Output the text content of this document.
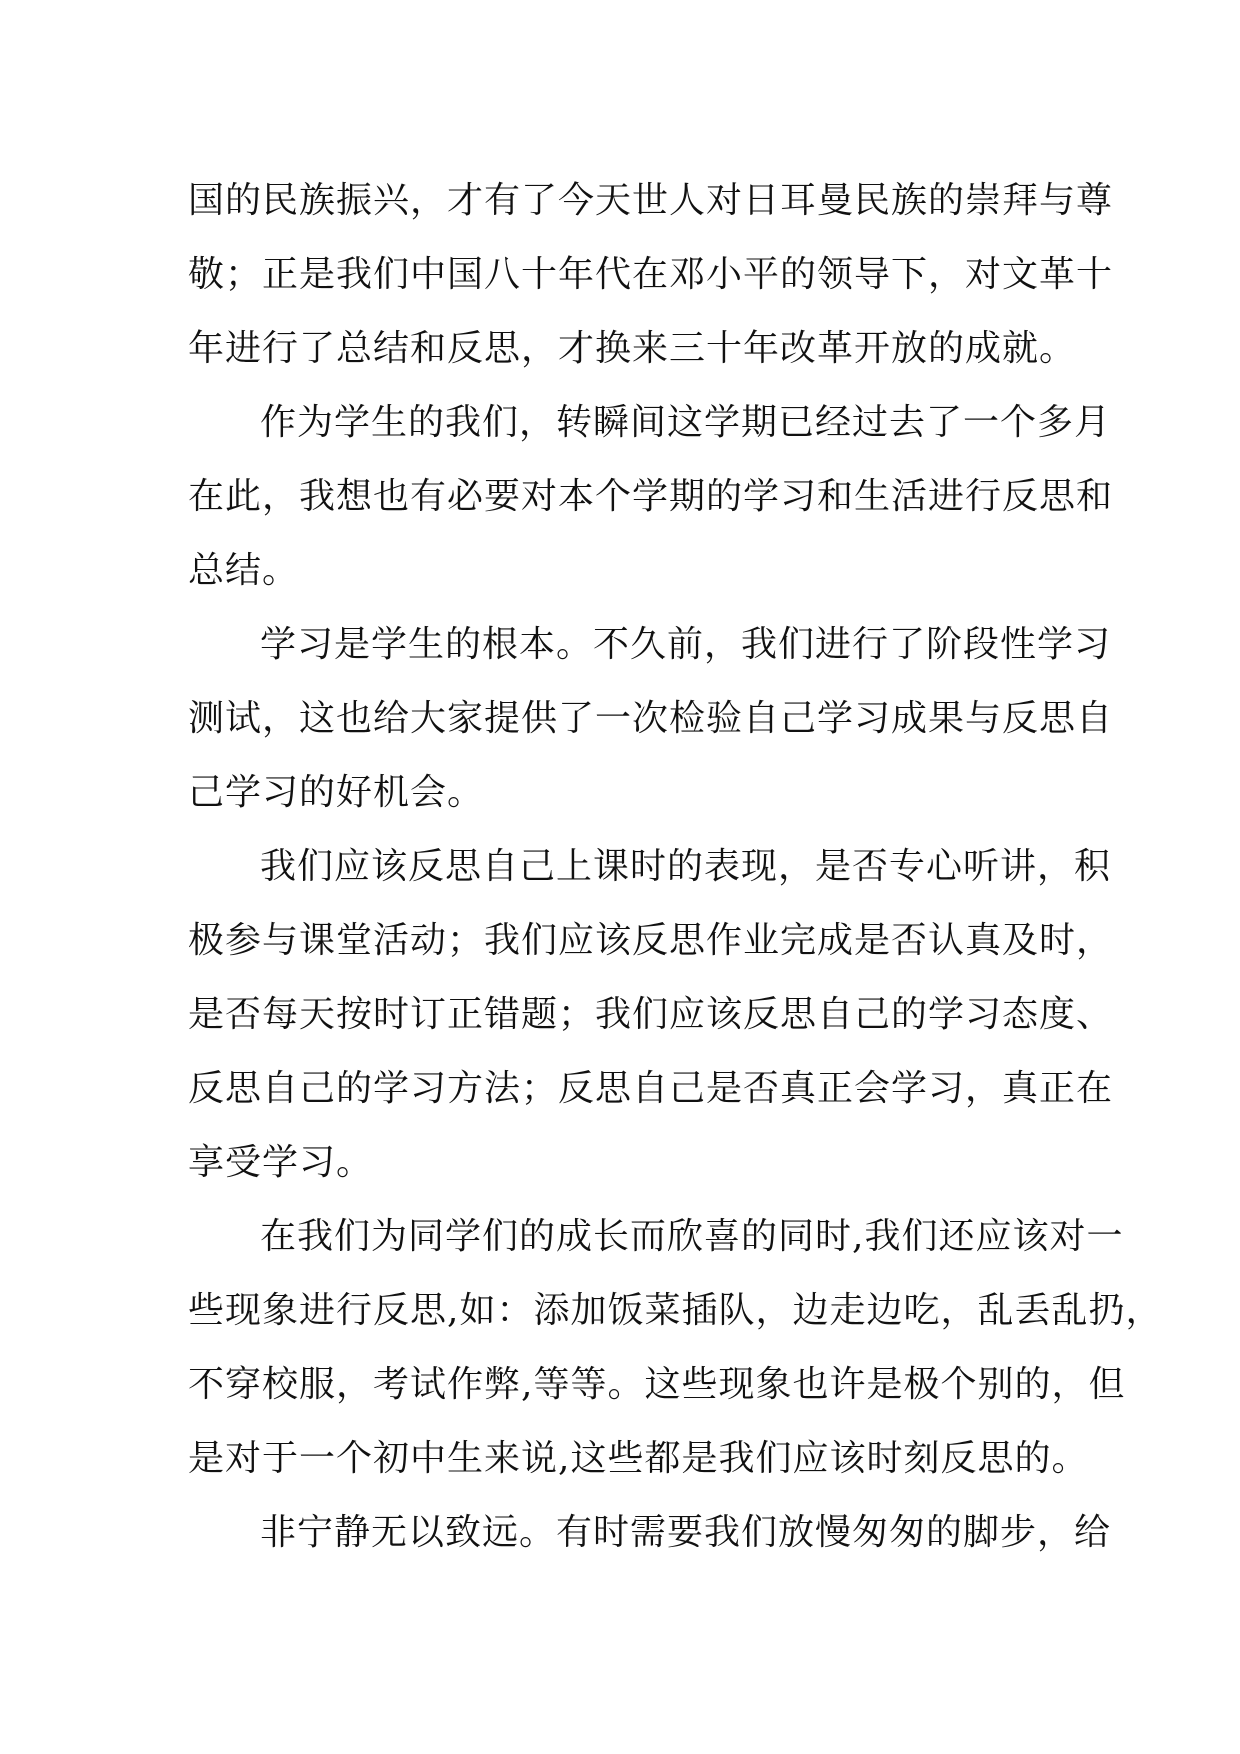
国的民族振兴，才有了今天世人对日耳曼民族的崇拜与尊
敬；正是我们中国八十年代在邓小平的领导下，对文革十
年进行了总结和反思，才换来三十年改革开放的成就。
作为学生的我们，转瞬间这学期已经过去了一个多月
在此，我想也有必要对本个学期的学习和生活进行反思和
总结。
学习是学生的根本。不久前，我们进行了阶段性学习
测试，这也给大家提供了一次检验自己学习成果与反思自
己学习的好机会。
我们应该反思自己上课时的表现，是否专心听讲，积
极参与课堂活动；我们应该反思作业完成是否认真及时，
是否每天按时订正错题；我们应该反思自己的学习态度、
反思自己的学习方法；反思自己是否真正会学习，真正在
享受学习。
在我们为同学们的成长而欣喜的同时,我们还应该对一
些现象进行反思,如：添加饭菜插队，边走边吃，乱丢乱扔，
不穿校服，考试作弊,等等。这些现象也许是极个别的，但
是对于一个初中生来说,这些都是我们应该时刻反思的。
非宁静无以致远。有时需要我们放慢匆匆的脚步，给
